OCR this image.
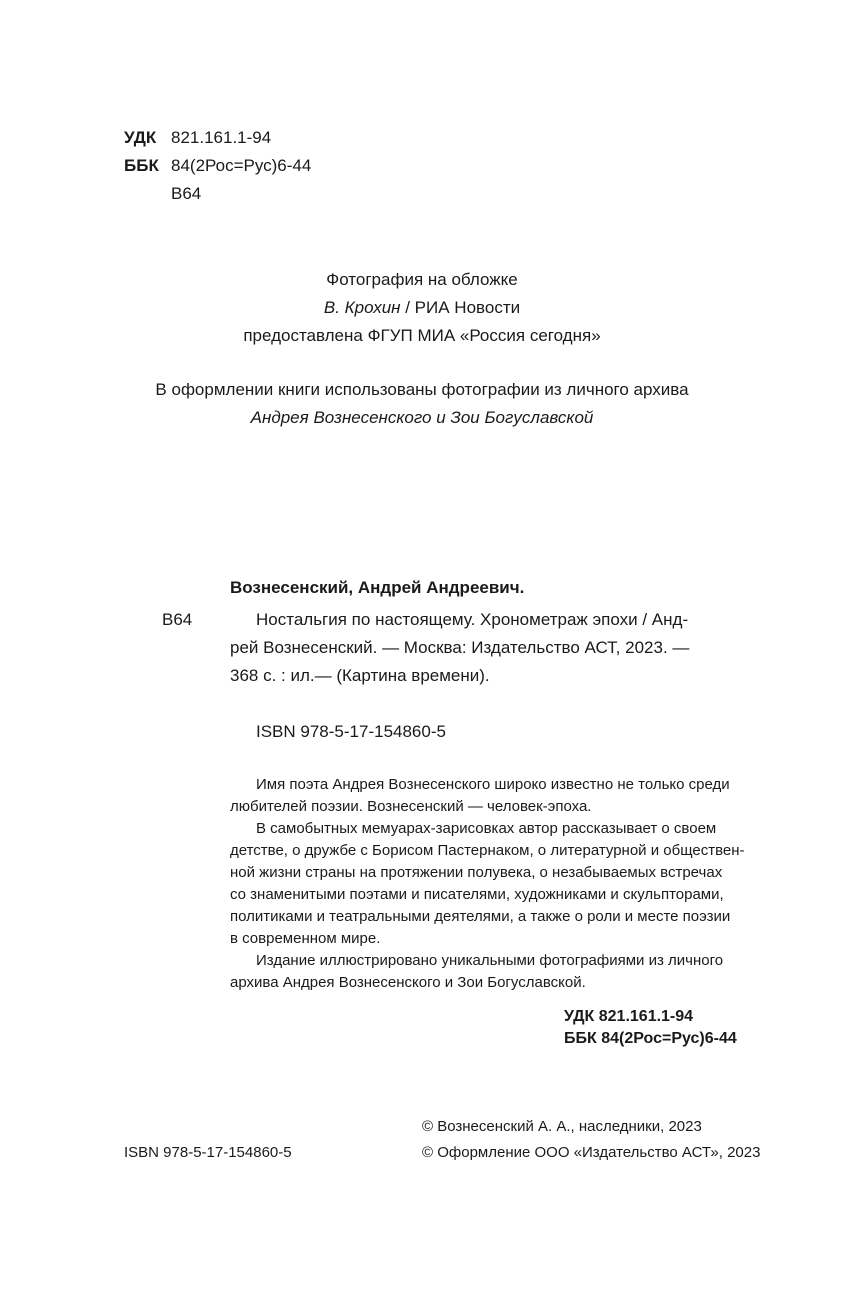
УДК 821.161.1-94
ББК 84(2Рос=Рус)6-44
В64
Фотография на обложке
В. Крохин / РИА Новости
предоставлена ФГУП МИА «Россия сегодня»
В оформлении книги использованы фотографии из личного архива
Андрея Вознесенского и Зои Богуславской
Вознесенский, Андрей Андреевич.
В64	Ностальгия по настоящему. Хронометраж эпохи / Анд-
рей Вознесенский. — Москва: Издательство АСТ, 2023. —
368 с. : ил.— (Картина времени).
ISBN 978-5-17-154860-5
Имя поэта Андрея Вознесенского широко известно не только среди
любителей поэзии. Вознесенский — человек-эпоха.
В самобытных мемуарах-зарисовках автор рассказывает о своем
детстве, о дружбе с Борисом Пастернаком, о литературной и обществен-
ной жизни страны на протяжении полувека, о незабываемых встречах
со знаменитыми поэтами и писателями, художниками и скульпторами,
политиками и театральными деятелями, а также о роли и месте поэзии
в современном мире.
Издание иллюстрировано уникальными фотографиями из личного
архива Андрея Вознесенского и Зои Богуславской.
УДК 821.161.1-94
ББК 84(2Рос=Рус)6-44
ISBN 978-5-17-154860-5
© Вознесенский А. А., наследники, 2023
© Оформление ООО «Издательство АСТ», 2023
